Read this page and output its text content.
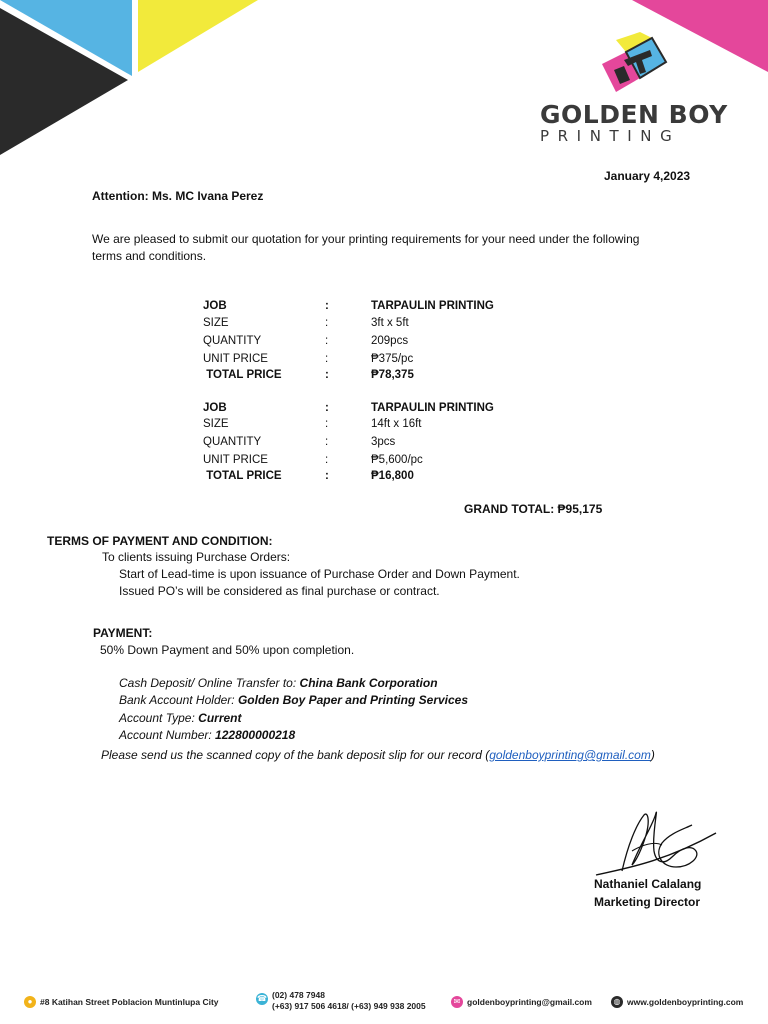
GOLDEN BOY
PRINTING
January 4,2023
Attention: Ms. MC Ivana Perez
We are pleased to submit our quotation for your printing requirements for your need under the following
terms and conditions.
JOB	:	TARPAULIN PRINTING
SIZE	:	3ft x 5ft
QUANTITY	:	209pcs
UNIT PRICE	:	₱375/pc
TOTAL PRICE	:	₱78,375
JOB	:	TARPAULIN PRINTING
SIZE	:	14ft x 16ft
QUANTITY	:	3pcs
UNIT PRICE	:	₱5,600/pc
TOTAL PRICE	:	₱16,800
GRAND TOTAL: ₱95,175
TERMS OF PAYMENT AND CONDITION:
To clients issuing Purchase Orders:
Start of Lead-time is upon issuance of Purchase Order and Down Payment.
Issued PO’s will be considered as final purchase or contract.
PAYMENT:
50% Down Payment and 50% upon completion.
Cash Deposit/ Online Transfer to: China Bank Corporation
Bank Account Holder: Golden Boy Paper and Printing Services
Account Type: Current
Account Number: 122800000218
Please send us the scanned copy of the bank deposit slip for our record (goldenboyprinting@gmail.com)
Nathaniel Calalang
Marketing Director
● #8 Katihan Street Poblacion Muntinlupa City	☎ (02) 478 7948
(+63) 917 506 4618/ (+63) 949 938 2005	✉ goldenboyprinting@gmail.com	◍ www.goldenboyprinting.com
